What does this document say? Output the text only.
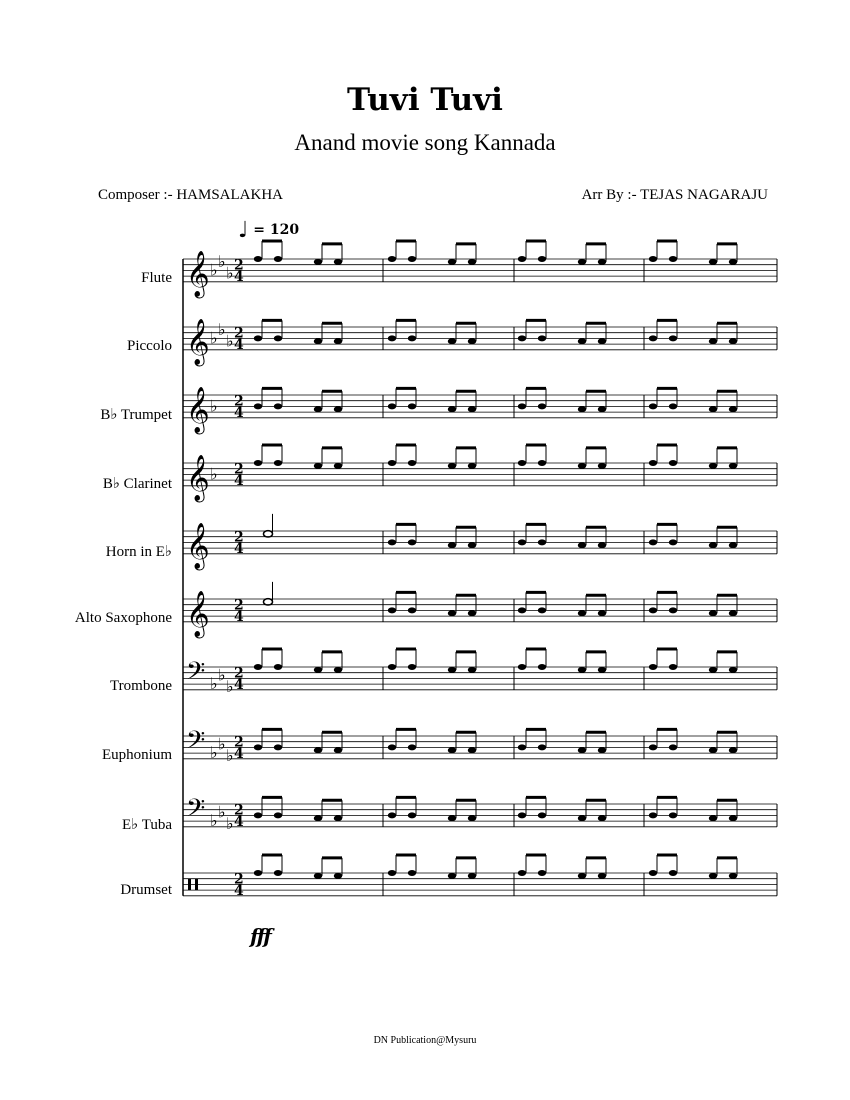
Tuvi Tuvi
Anand movie song Kannada
Composer :- HAMSALAKHA	Arr By :- TEJAS NAGARAJU
♩ = 120
Flute
Piccolo
B♭ Trumpet
B♭ Clarinet
Horn in E♭
Alto Saxophone
Trombone
Euphonium
E♭ Tuba
Drumset
fff
𝄞 ♭ ♭
♭ 2
4
𝄞 ♭ ♭
♭ 2
4
𝄞 ♭ 2
4
𝄞 ♭ 2
4
𝄞 2
4
𝄞 2
4
𝄢 ♭ ♭
♭
2
4
𝄢 ♭ ♭
♭
2
4
𝄢 ♭ ♭
♭
2
4
2
4
DN Publication@Mysuru
